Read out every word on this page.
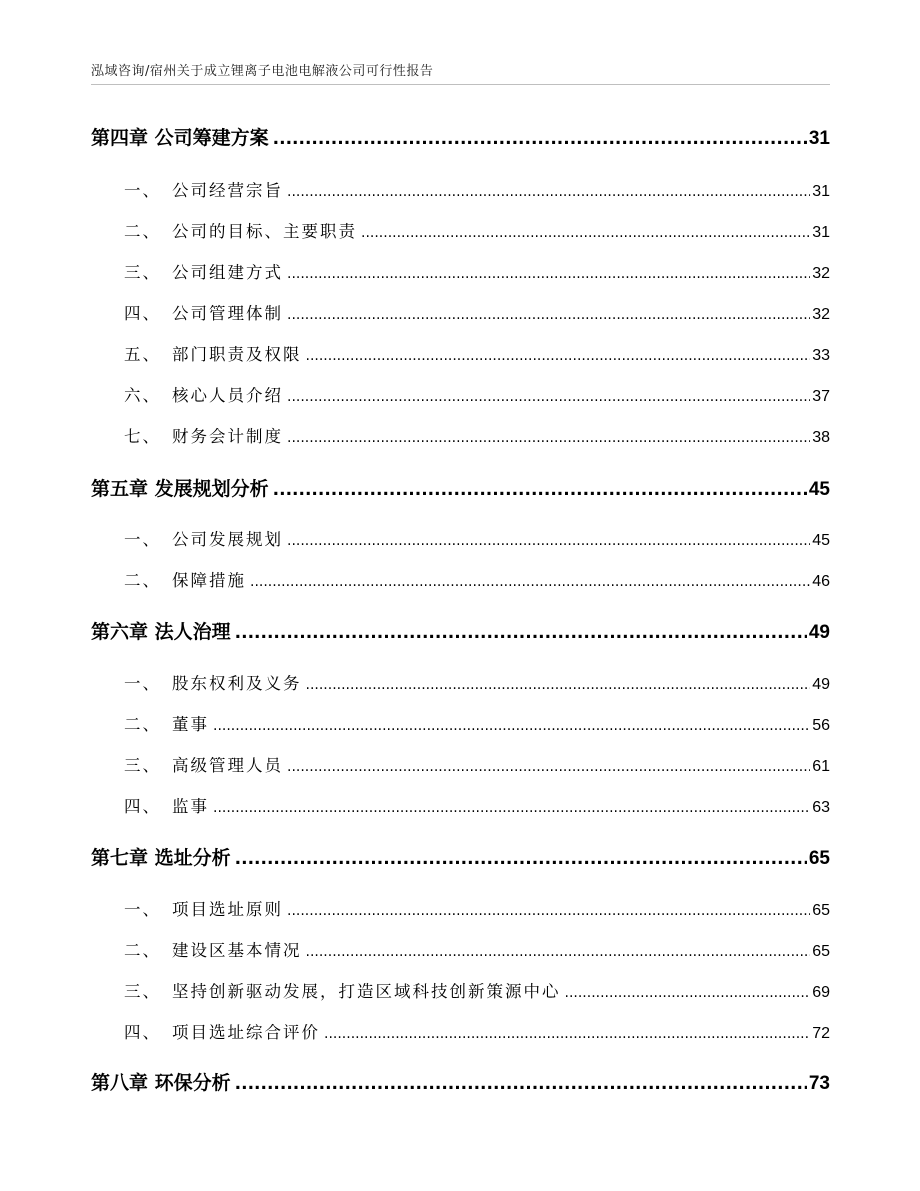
泓域咨询/宿州关于成立锂离子电池电解液公司可行性报告
第四章 公司筹建方案 .....	31
一、 公司经营宗旨 .....	31
二、 公司的目标、主要职责 .....	31
三、 公司组建方式 .....	32
四、 公司管理体制 .....	32
五、 部门职责及权限 .....	33
六、 核心人员介绍 .....	37
七、 财务会计制度 .....	38
第五章 发展规划分析 .....	45
一、 公司发展规划 .....	45
二、 保障措施 .....	46
第六章 法人治理 .....	49
一、 股东权利及义务 .....	49
二、 董事 .....	56
三、 高级管理人员 .....	61
四、 监事 .....	63
第七章 选址分析 .....	65
一、 项目选址原则 .....	65
二、 建设区基本情况 .....	65
三、 坚持创新驱动发展，打造区域科技创新策源中心 .....	69
四、 项目选址综合评价 .....	72
第八章 环保分析 .....	73
